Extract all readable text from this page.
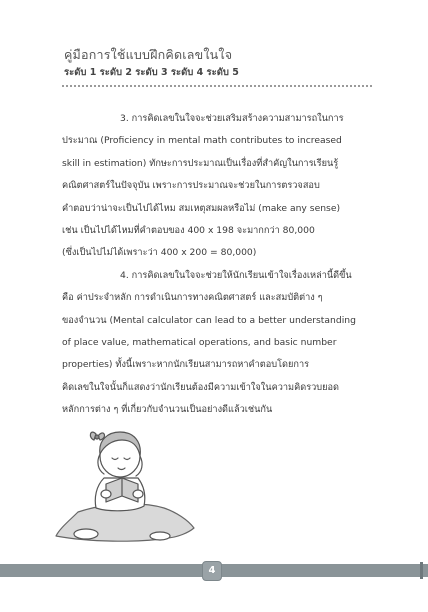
คู่มือการใช้แบบฝึกคิดเลขในใจ
ระดับ 1 ระดับ 2 ระดับ 3 ระดับ 4 ระดับ 5
3. การคิดเลขในใจจะช่วยเสริมสร้างความสามารถในการ
ประมาณ (Proficiency in mental math contributes to increased
skill in estimation) ทักษะการประมาณเป็นเรื่องที่สำคัญในการเรียนรู้
คณิตศาสตร์ในปัจจุบัน เพราะการประมาณจะช่วยในการตรวจสอบ
คำตอบว่าน่าจะเป็นไปได้ไหม สมเหตุสมผลหรือไม่ (make any sense)
เช่น เป็นไปได้ไหมที่คำตอบของ 400 x 198 จะมากกว่า 80,000
(ซึ่งเป็นไปไม่ได้เพราะว่า 400 x 200 = 80,000)
4. การคิดเลขในใจจะช่วยให้นักเรียนเข้าใจเรื่องเหล่านี้ดีขึ้น
คือ ค่าประจำหลัก การดำเนินการทางคณิตศาสตร์ และสมบัติต่าง ๆ
ของจำนวน (Mental calculator can lead to a better understanding
of place value, mathematical operations, and basic number
properties) ทั้งนี้เพราะหากนักเรียนสามารถหาคำตอบโดยการ
คิดเลขในใจนั้นก็แสดงว่านักเรียนต้องมีความเข้าใจในความคิดรวบยอด
หลักการต่าง ๆ ที่เกี่ยวกับจำนวนเป็นอย่างดีแล้วเช่นกัน
4
